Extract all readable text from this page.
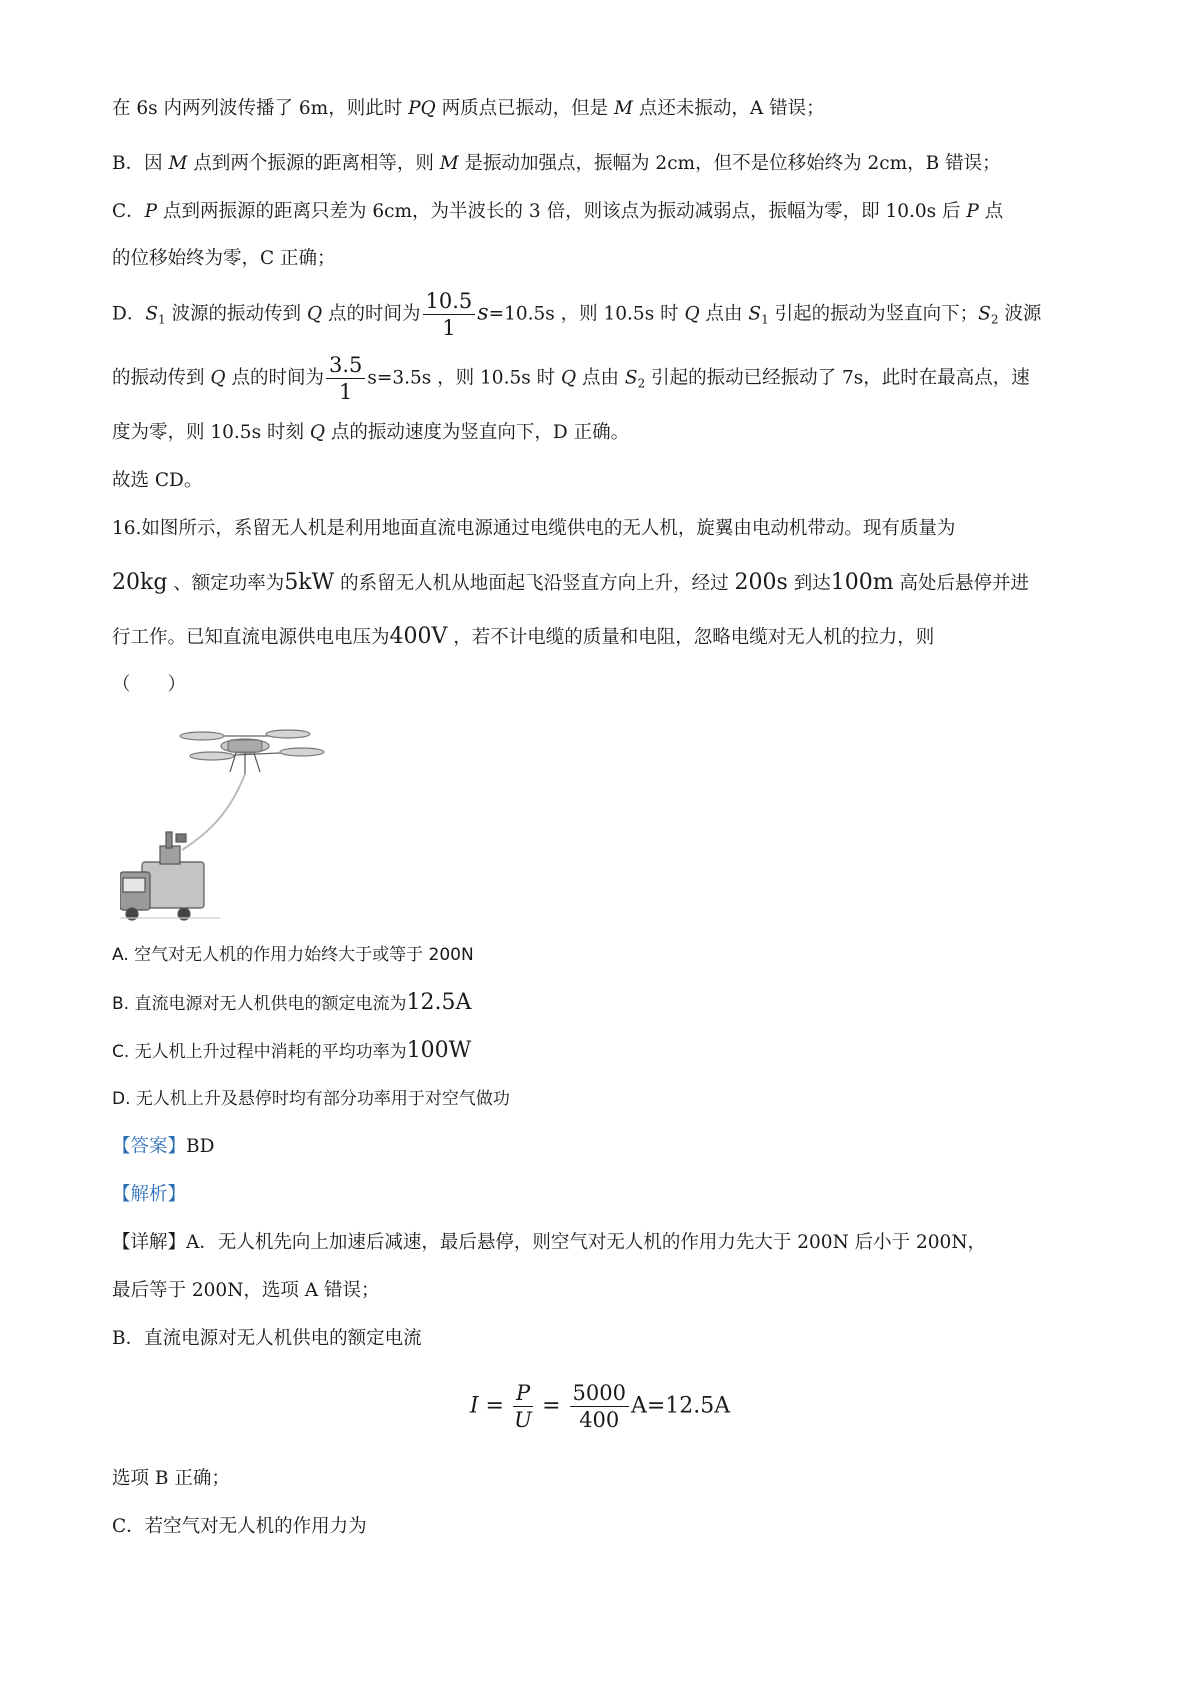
在 6s 内两列波传播了 6m，则此时 PQ 两质点已振动，但是 M 点还未振动，A 错误；
B．因 M 点到两个振源的距离相等，则 M 是振动加强点，振幅为 2cm，但不是位移始终为 2cm，B 错误；
C．P 点到两振源的距离只差为 6cm，为半波长的 3 倍，则该点为振动减弱点，振幅为零，即 10.0s 后 P 点
的位移始终为零，C 正确；
D．$S_1$ 波源的振动传到 Q 点的时间为 $\frac{10.5}{1} s=10.5s$ ，则 10.5s 时 Q 点由 $S_1$ 引起的振动为竖直向下；$S_2$ 波源
的振动传到 Q 点的时间为 $\frac{3.5}{1} s=3.5s$ ，则 10.5s 时 Q 点由 $S_2$ 引起的振动已经振动了 7s，此时在最高点，速
度为零，则 10.5s 时刻 Q 点的振动速度为竖直向下，D 正确。
故选 CD。
16.如图所示，系留无人机是利用地面直流电源通过电缆供电的无人机，旋翼由电动机带动。现有质量为
20kg 、额定功率为5kW 的系留无人机从地面起飞沿竖直方向上升，经过 200s 到达100m 高处后悬停并进
行工作。已知直流电源供电电压为400V ，若不计电缆的质量和电阻，忽略电缆对无人机的拉力，则
（　　）
A. 空气对无人机的作用力始终大于或等于 200N
B. 直流电源对无人机供电的额定电流为12.5A
C. 无人机上升过程中消耗的平均功率为100W
D. 无人机上升及悬停时均有部分功率用于对空气做功
【答案】BD
【解析】
【详解】A．无人机先向上加速后减速，最后悬停，则空气对无人机的作用力先大于 200N 后小于 200N，
最后等于 200N，选项 A 错误；
B．直流电源对无人机供电的额定电流
$I = \frac{P}{U} = \frac{5000}{400} A=12.5A$
选项 B 正确；
C．若空气对无人机的作用力为
